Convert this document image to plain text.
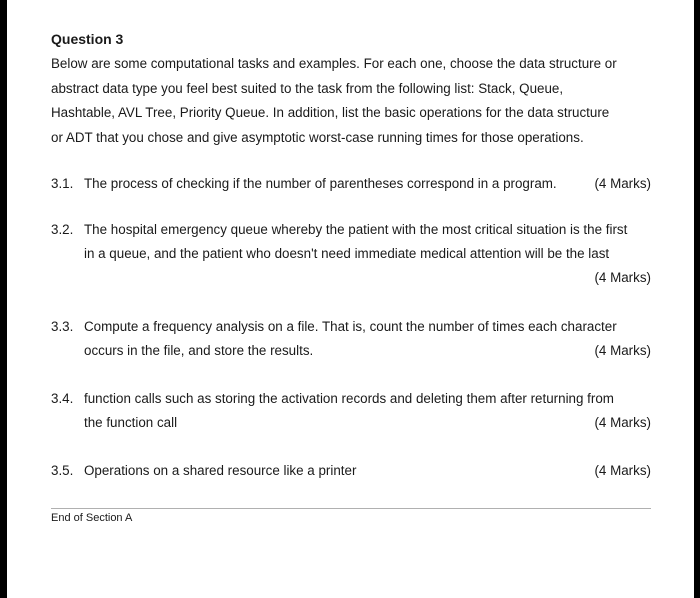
Question 3
Below are some computational tasks and examples. For each one, choose the data structure or
abstract data type you feel best suited to the task from the following list: Stack, Queue,
Hashtable, AVL Tree, Priority Queue. In addition, list the basic operations for the data structure
or ADT that you chose and give asymptotic worst-case running times for those operations.
3.1. The process of checking if the number of parentheses correspond in a program.	(4 Marks)
3.2. The hospital emergency queue whereby the patient with the most critical situation is the first
in a queue, and the patient who doesn't need immediate medical attention will be the last
(4 Marks)
3.3. Compute a frequency analysis on a file. That is, count the number of times each character
occurs in the file, and store the results.	(4 Marks)
3.4. function calls such as storing the activation records and deleting them after returning from
the function call	(4 Marks)
3.5. Operations on a shared resource like a printer	(4 Marks)
End of Section A
